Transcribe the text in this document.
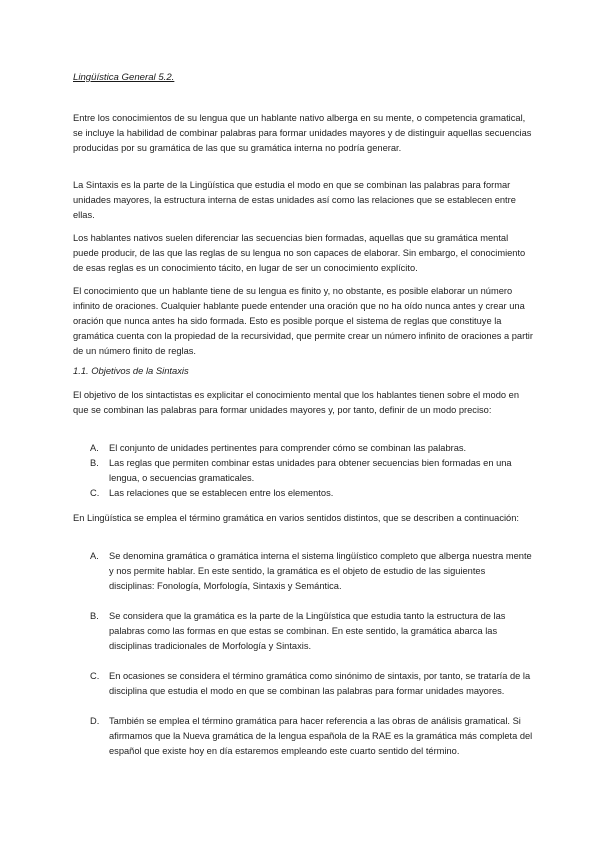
Lingüística General 5.2.

Entre los conocimientos de su lengua que un hablante nativo alberga en su mente, o competencia gramatical, se incluye la habilidad de combinar palabras para formar unidades mayores y de distinguir aquellas secuencias producidas por su gramática de las que su gramática interna no podría generar.

La Sintaxis es la parte de la Lingüística que estudia el modo en que se combinan las palabras para formar unidades mayores, la estructura interna de estas unidades así como las relaciones que se establecen entre ellas.

Los hablantes nativos suelen diferenciar las secuencias bien formadas, aquellas que su gramática mental puede producir, de las que las reglas de su lengua no son capaces de elaborar. Sin embargo, el conocimiento de esas reglas es un conocimiento tácito, en lugar de ser un conocimiento explícito.

El conocimiento que un hablante tiene de su lengua es finito y, no obstante, es posible elaborar un número infinito de oraciones. Cualquier hablante puede entender una oración que no ha oído nunca antes y crear una oración que nunca antes ha sido formada. Esto es posible porque el sistema de reglas que constituye la gramática cuenta con la propiedad de la recursividad, que permite crear un número infinito de oraciones a partir de un número finito de reglas.

1.1. Objetivos de la Sintaxis

El objetivo de los sintactistas es explicitar el conocimiento mental que los hablantes tienen sobre el modo en que se combinan las palabras para formar unidades mayores y, por tanto, definir de un modo preciso:

A. El conjunto de unidades pertinentes para comprender cómo se combinan las palabras.
B. Las reglas que permiten combinar estas unidades para obtener secuencias bien formadas en una lengua, o secuencias gramaticales.
C. Las relaciones que se establecen entre los elementos.

En Lingüística se emplea el término gramática en varios sentidos distintos, que se describen a continuación:

A. Se denomina gramática o gramática interna el sistema lingüístico completo que alberga nuestra mente y nos permite hablar. En este sentido, la gramática es el objeto de estudio de las siguientes disciplinas: Fonología, Morfología, Sintaxis y Semántica.
B. Se considera que la gramática es la parte de la Lingüística que estudia tanto la estructura de las palabras como las formas en que estas se combinan. En este sentido, la gramática abarca las disciplinas tradicionales de Morfología y Sintaxis.
C. En ocasiones se considera el término gramática como sinónimo de sintaxis, por tanto, se trataría de la disciplina que estudia el modo en que se combinan las palabras para formar unidades mayores.
D. También se emplea el término gramática para hacer referencia a las obras de análisis gramatical. Si afirmamos que la Nueva gramática de la lengua española de la RAE es la gramática más completa del español que existe hoy en día estaremos empleando este cuarto sentido del término.
